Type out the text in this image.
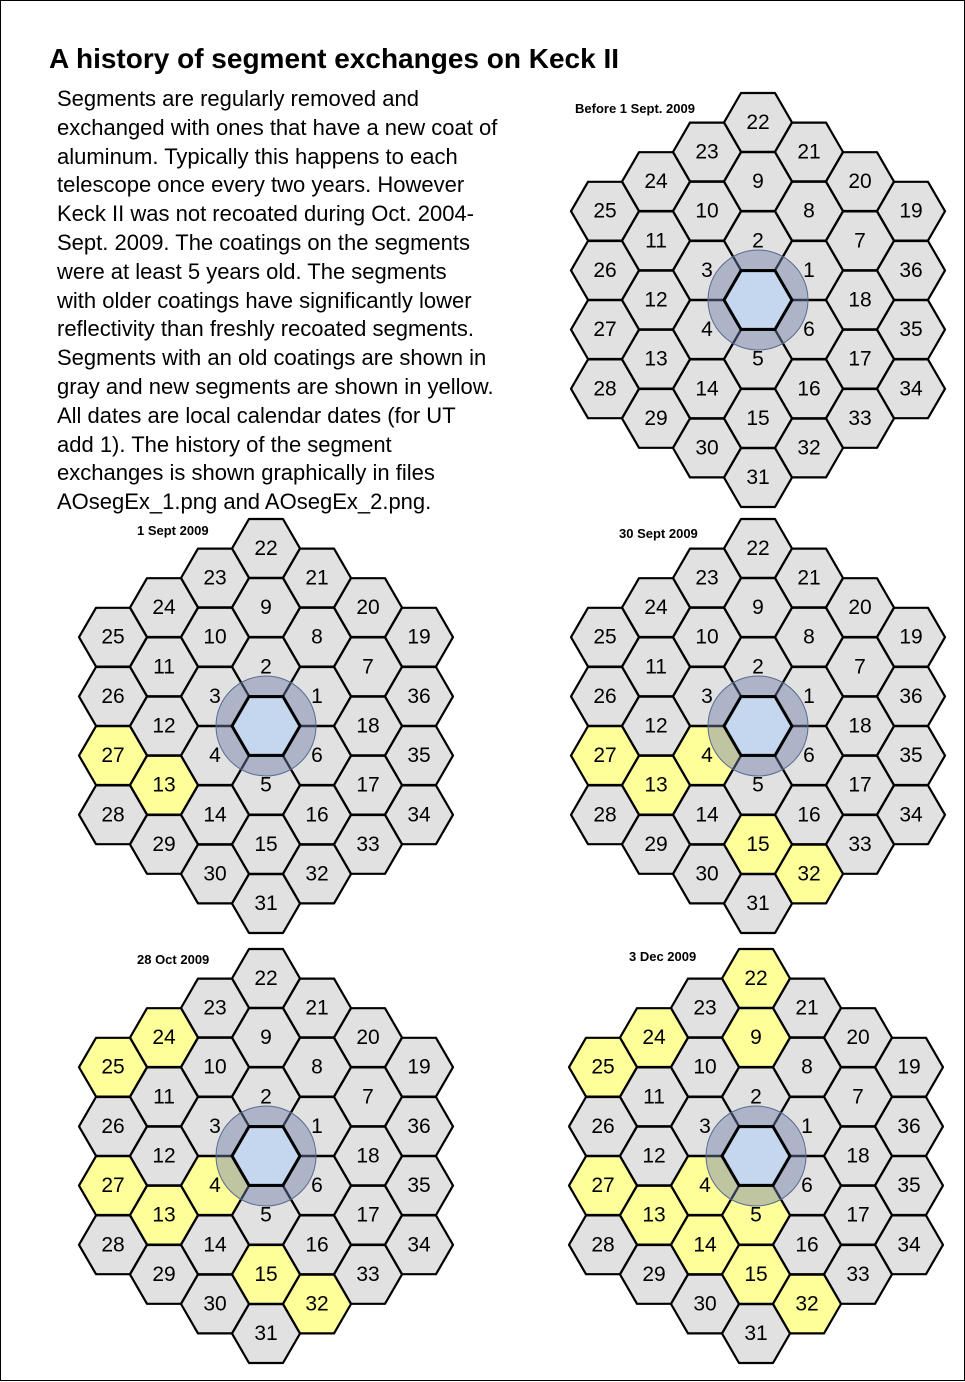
A history of segment exchanges on Keck II
Segments are regularly removed and
exchanged with ones that have a new coat of
aluminum. Typically this happens to each
telescope once every two years. However
Keck II was not recoated during Oct. 2004-
Sept. 2009. The coatings on the segments
were at least 5 years old. The segments
with older coatings have significantly lower
reflectivity than freshly recoated segments.
Segments with an old coatings are shown in
gray and new segments are shown in yellow.
All dates are local calendar dates (for UT
add 1). The history of the segment
exchanges is shown graphically in files
AOsegEx_1.png and AOsegEx_2.png.
Before 1 Sept. 2009
22
23	21
24	9	20
25	10	8	19
11	2	7
26	3	1	36
12	18
27	4	6	35
13	5	17
28	14	16	34
29	15	33
30	32
31
1 Sept 2009
22
23	21
24	9	20
25	10	8	19
11	2	7
26	3	1	36
12	18
27	4	6	35
13	5	17
28	14	16	34
29	15	33
30	32
31
30 Sept 2009
22
23	21
24	9	20
25	10	8	19
11	2	7
26	3	1	36
12	18
27	4	6	35
13	5	17
28	14	16	34
29	15	33
30	32
31
28 Oct 2009
22
23	21
24	9	20
25	10	8	19
11	2	7
26	3	1	36
12	18
27	4	6	35
13	5	17
28	14	16	34
29	15	33
30	32
31
3 Dec 2009
22
23	21
24	9	20
25	10	8	19
11	2	7
26	3	1	36
12	18
27	4	6	35
13	5	17
28	14	16	34
29	15	33
30	32
31
